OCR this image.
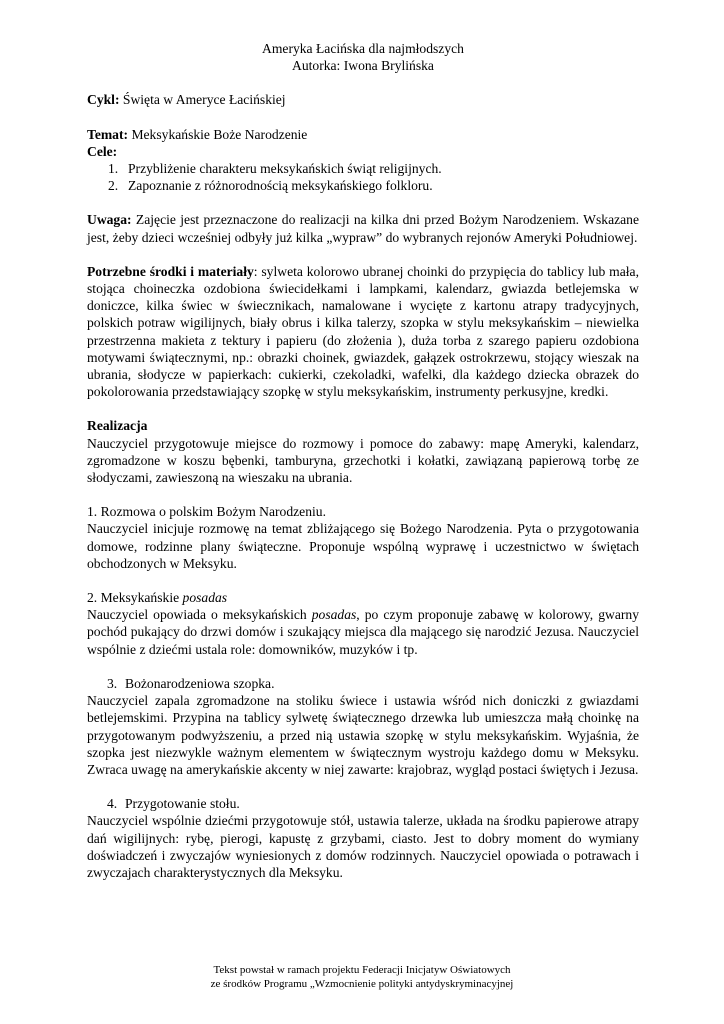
Ameryka Łacińska dla najmłodszych

Autorka: Iwona Brylińska

Cykl: Święta w Ameryce Łacińskiej

Temat: Meksykańskie Boże Narodzenie

Cele:

1. Przybliżenie charakteru meksykańskich świąt religijnych.
2. Zapoznanie z różnorodnością meksykańskiego folkloru.

Uwaga: Zajęcie jest przeznaczone do realizacji na kilka dni przed Bożym Narodzeniem. Wskazane jest, żeby dzieci wcześniej odbyły już kilka „wypraw” do wybranych rejonów Ameryki Południowej.

Potrzebne środki i materiały: sylweta kolorowo ubranej choinki do przypięcia do tablicy lub mała, stojąca choineczka ozdobiona świecidełkami i lampkami, kalendarz, gwiazda betlejemska w doniczce, kilka świec w świecznikach, namalowane i wycięte z kartonu atrapy tradycyjnych, polskich potraw wigilijnych, biały obrus i kilka talerzy, szopka w stylu meksykańskim – niewielka przestrzenna makieta z tektury i papieru (do złożenia ), duża torba z szarego papieru ozdobiona motywami świątecznymi, np.: obrazki choinek, gwiazdek, gałązek ostrokrzewu, stojący wieszak na ubrania, słodycze w papierkach: cukierki, czekoladki, wafelki, dla każdego dziecka obrazek do pokolorowania przedstawiający szopkę w stylu meksykańskim, instrumenty perkusyjne, kredki.

Realizacja

Nauczyciel przygotowuje miejsce do rozmowy i pomoce do zabawy: mapę Ameryki, kalendarz, zgromadzone w koszu bębenki, tamburyna, grzechotki i kołatki, zawiązaną papierową torbę ze słodyczami, zawieszoną na wieszaku na ubrania.

1. Rozmowa o polskim Bożym Narodzeniu.

Nauczyciel inicjuje rozmowę na temat zbliżającego się Bożego Narodzenia. Pyta o przygotowania domowe, rodzinne plany świąteczne. Proponuje wspólną wyprawę i uczestnictwo w świętach obchodzonych w Meksyku.

2. Meksykańskie posadas

Nauczyciel opowiada o meksykańskich posadas, po czym proponuje zabawę w kolorowy, gwarny pochód pukający do drzwi domów i szukający miejsca dla mającego się narodzić Jezusa. Nauczyciel wspólnie z dziećmi ustala role: domowników, muzyków i tp.

3. Bożonarodzeniowa szopka.

Nauczyciel zapala zgromadzone na stoliku świece i ustawia wśród nich doniczki z gwiazdami betlejemskimi. Przypina na tablicy sylwetę świątecznego drzewka lub umieszcza małą choinkę na przygotowanym podwyższeniu, a przed nią ustawia szopkę w stylu meksykańskim. Wyjaśnia, że szopka jest niezwykle ważnym elementem w świątecznym wystroju każdego domu w Meksyku. Zwraca uwagę na amerykańskie akcenty w niej zawarte: krajobraz, wygląd postaci świętych i Jezusa.

4. Przygotowanie stołu.

Nauczyciel wspólnie dziećmi przygotowuje stół, ustawia talerze, układa na środku papierowe atrapy dań wigilijnych: rybę, pierogi, kapustę z grzybami, ciasto. Jest to dobry moment do wymiany doświadczeń i zwyczajów wyniesionych z domów rodzinnych. Nauczyciel opowiada o potrawach i zwyczajach charakterystycznych dla Meksyku.

Tekst powstał w ramach projektu Federacji Inicjatyw Oświatowych

ze środków Programu „Wzmocnienie polityki antydyskryminacyjnej
